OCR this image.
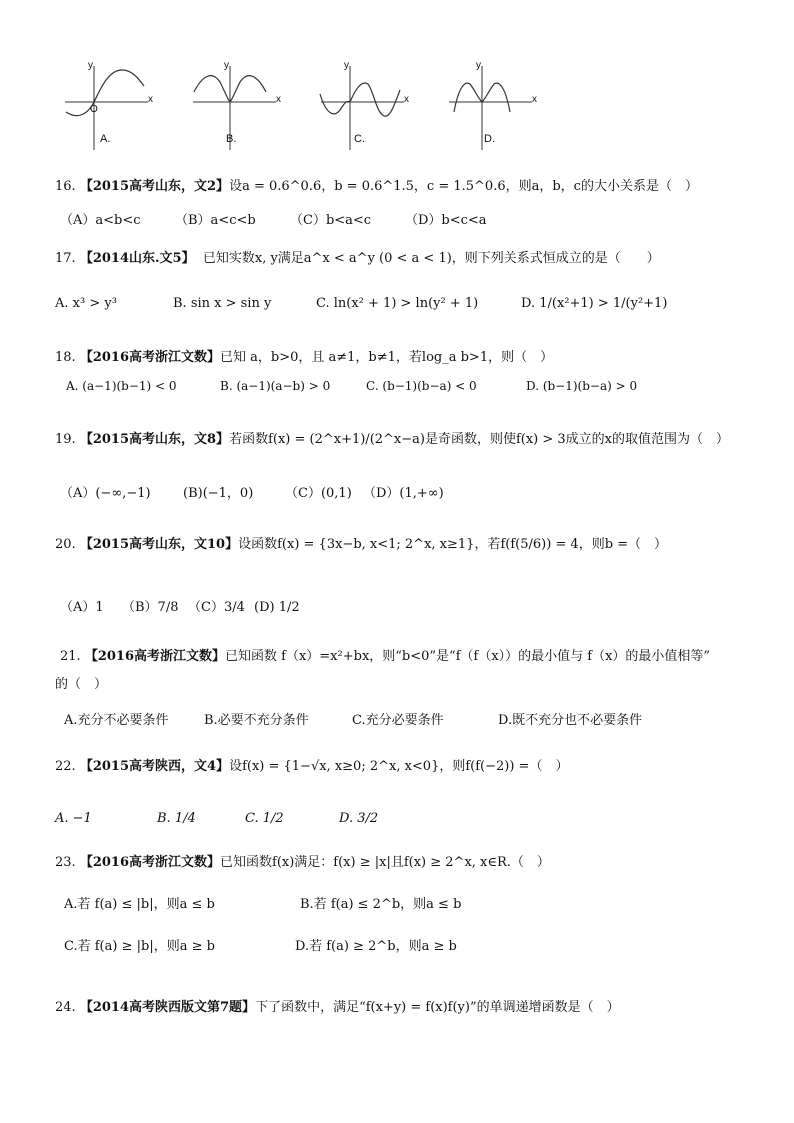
y
x
O
A.
y
x
B.
y
x
C.
y
x
D.
16. 【2015高考山东，文2】设a = 0.6^0.6，b = 0.6^1.5，c = 1.5^0.6，则a，b，c的大小关系是（　）
（A）a<b<c	（B）a<c<b	（C）b<a<c	（D）b<c<a
17. 【2014山东.文5】 已知实数x, y满足a^x < a^y (0 < a < 1)，则下列关系式恒成立的是（　　）
A. x³ > y³	B. sin x > sin y	C. ln(x² + 1) > ln(y² + 1)	D. 1/(x²+1) > 1/(y²+1)
18. 【2016高考浙江文数】已知 a，b>0，且 a≠1，b≠1，若log_a b>1，则（　）
A. (a−1)(b−1) < 0	B. (a−1)(a−b) > 0	C. (b−1)(b−a) < 0	D. (b−1)(b−a) > 0
19. 【2015高考山东，文8】若函数f(x) = (2^x+1)/(2^x−a)是奇函数，则使f(x) > 3成立的x的取值范围为（　）
（A）(−∞,−1) (B)(−1，0) （C）(0,1) （D）(1,+∞)
20. 【2015高考山东，文10】设函数f(x) = {3x−b, x<1; 2^x, x≥1}，若f(f(5/6)) = 4，则b =（　）
（A）1 （B）7/8 （C）3/4 (D) 1/2
21. 【2016高考浙江文数】已知函数 f（x）=x²+bx，则“b<0”是“f（f（x））的最小值与 f（x）的最小值相等”
的（　）
A.充分不必要条件	B.必要不充分条件	C.充分必要条件	D.既不充分也不必要条件
22. 【2015高考陕西，文4】设f(x) = {1−√x, x≥0; 2^x, x<0}，则f(f(−2)) =（　）
A. −1	B. 1/4	C. 1/2	D. 3/2
23. 【2016高考浙江文数】已知函数f(x)满足：f(x) ≥ |x|且f(x) ≥ 2^x, x∈R.（　）
A.若 f(a) ≤ |b|，则a ≤ b	B.若 f(a) ≤ 2^b，则a ≤ b
C.若 f(a) ≥ |b|，则a ≥ b	D.若 f(a) ≥ 2^b，则a ≥ b
24. 【2014高考陕西版文第7题】下了函数中，满足“f(x+y) = f(x)f(y)”的单调递增函数是（　）
